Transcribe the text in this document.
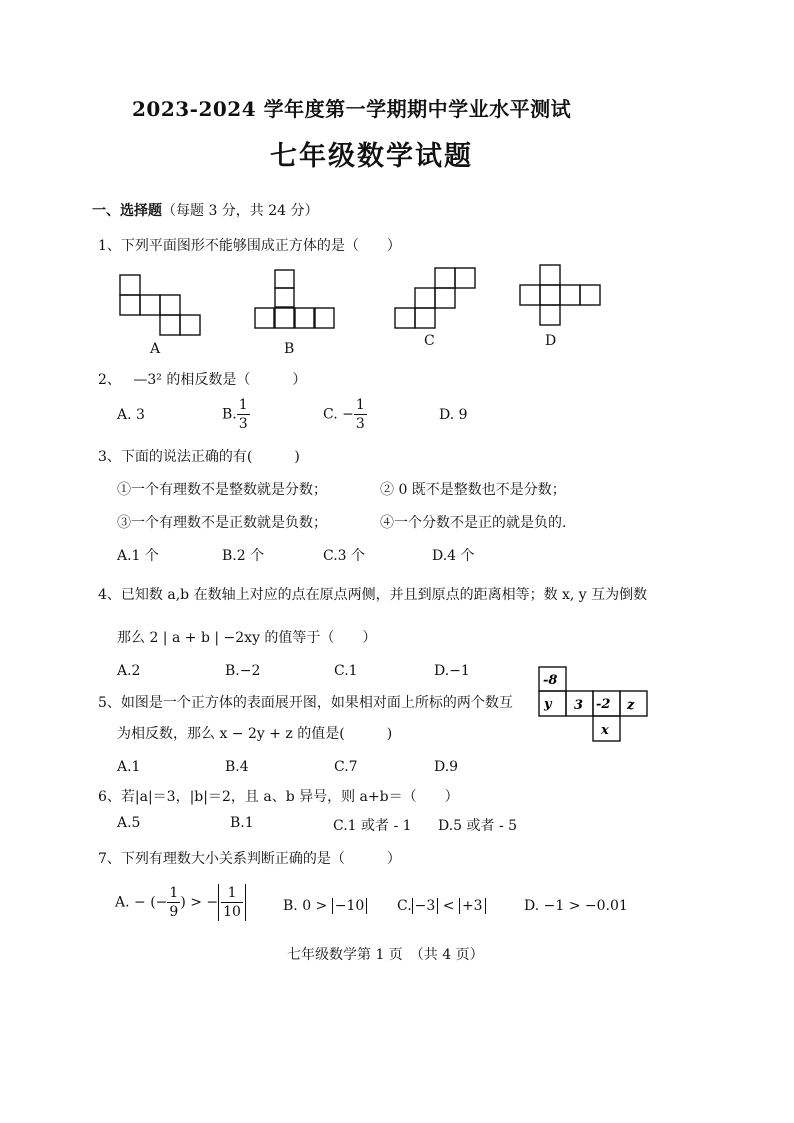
2023-2024 学年度第一学期期中学业水平测试
七年级数学试题
一、选择题（每题 3 分，共 24 分）
1、下列平面图形不能够围成正方体的是（　　）
A	B	C	D
2、 —3² 的相反数是（　　　）
A. 3	B. $\frac{1}{3}$	C. − $\frac{1}{3}$	D. 9
3、下面的说法正确的有(　　　)
①一个有理数不是整数就是分数；	② 0 既不是整数也不是分数；
③一个有理数不是正数就是负数；	④一个分数不是正的就是负的.
A.1 个	B.2 个	C.3 个	D.4 个
4、已知数 a,b 在数轴上对应的点在原点两侧，并且到原点的距离相等；数 x, y 互为倒数
那么 2 | a + b | −2xy 的值等于（　　）
A.2	B.−2	C.1	D.−1
5、如图是一个正方体的表面展开图，如果相对面上所标的两个数互
为相反数，那么 x − 2y + z 的值是(　　　)
-8
y 3 -2 z
x
A.1	B.4	C.7	D.9
6、若|a|＝3，|b|＝2，且 a、b 异号，则 a+b＝（　　）
A.5	B.1	C.1 或者 - 1 D.5 或者 - 5
7、下列有理数大小关系判断正确的是（　　　）
A. − (− $\frac{1}{9}$ ) > − $\frac{1}{10}$	B. 0 > −10 C. −3 < +3	D. −1 > −0.01
七年级数学第 1 页　（共 4 页）
